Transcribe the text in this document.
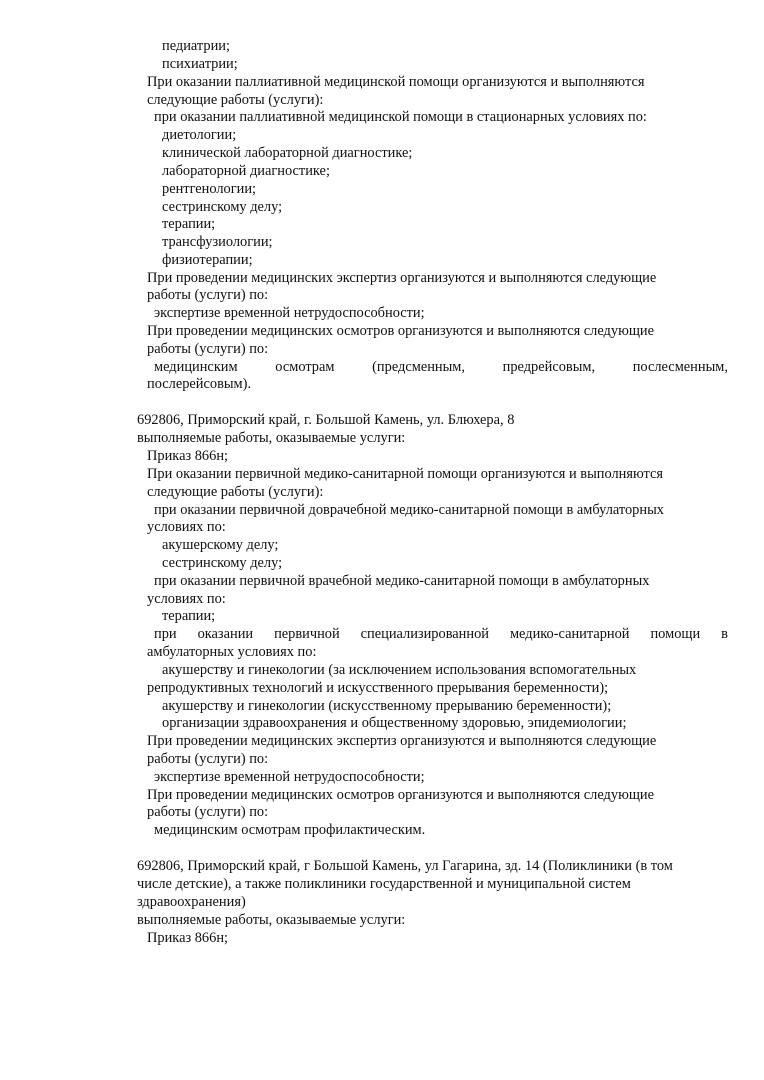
педиатрии;
психиатрии;
При оказании паллиативной медицинской помощи организуются и выполняются
следующие работы (услуги):
при оказании паллиативной медицинской помощи в стационарных условиях по:
диетологии;
клинической лабораторной диагностике;
лабораторной диагностике;
рентгенологии;
сестринскому делу;
терапии;
трансфузиологии;
физиотерапии;
При проведении медицинских экспертиз организуются и выполняются следующие
работы (услуги) по:
экспертизе временной нетрудоспособности;
При проведении медицинских осмотров организуются и выполняются следующие
работы (услуги) по:
медицинским	осмотрам	(предсменным,	предрейсовым,	послесменным,
послерейсовым).
692806, Приморский край, г. Большой Камень, ул. Блюхера, 8
выполняемые работы, оказываемые услуги:
Приказ 866н;
При оказании первичной медико-санитарной помощи организуются и выполняются
следующие работы (услуги):
при оказании первичной доврачебной медико-санитарной помощи в амбулаторных
условиях по:
акушерскому делу;
сестринскому делу;
при оказании первичной врачебной медико-санитарной помощи в амбулаторных
условиях по:
терапии;
при оказании первичной специализированной медико-санитарной помощи в
амбулаторных условиях по:
акушерству и гинекологии (за исключением использования вспомогательных
репродуктивных технологий и искусственного прерывания беременности);
акушерству и гинекологии (искусственному прерыванию беременности);
организации здравоохранения и общественному здоровью, эпидемиологии;
При проведении медицинских экспертиз организуются и выполняются следующие
работы (услуги) по:
экспертизе временной нетрудоспособности;
При проведении медицинских осмотров организуются и выполняются следующие
работы (услуги) по:
медицинским осмотрам профилактическим.
692806, Приморский край, г Большой Камень, ул Гагарина, зд. 14 (Поликлиники (в том
числе детские), а также поликлиники государственной и муниципальной систем
здравоохранения)
выполняемые работы, оказываемые услуги:
Приказ 866н;
